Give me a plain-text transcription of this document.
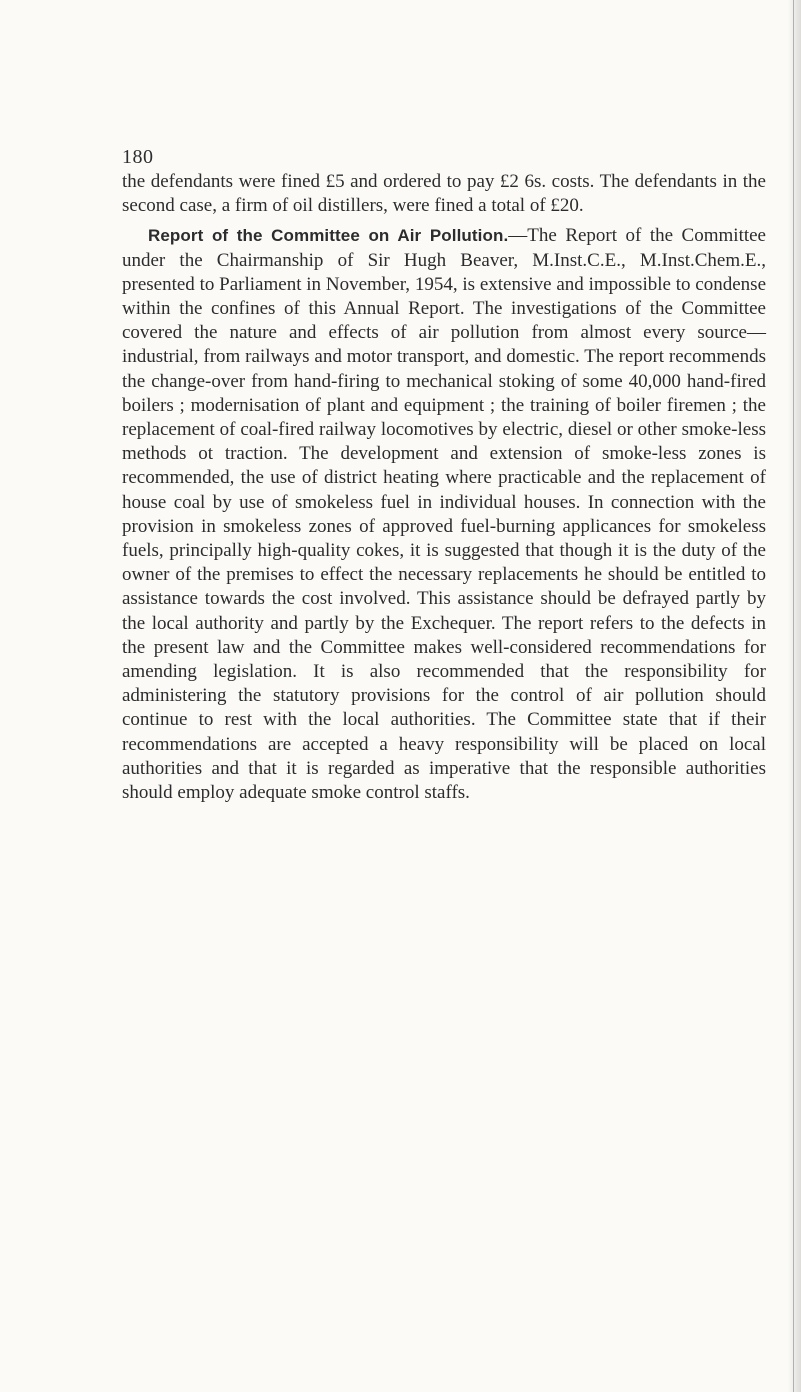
180

the defendants were fined £5 and ordered to pay £2 6s. costs. The defendants in the second case, a firm of oil distillers, were fined a total of £20.

Report of the Committee on Air Pollution.—The Report of the Committee under the Chairmanship of Sir Hugh Beaver, M.Inst.C.E., M.Inst.Chem.E., presented to Parliament in November, 1954, is extensive and impossible to condense within the confines of this Annual Report. The investigations of the Committee covered the nature and effects of air pollution from almost every source— industrial, from railways and motor transport, and domestic. The report recommends the change-over from hand-firing to mechanical stoking of some 40,000 hand-fired boilers ; modernisation of plant and equipment ; the training of boiler firemen ; the replacement of coal-fired railway locomotives by electric, diesel or other smoke-less methods ot traction. The development and extension of smoke-less zones is recommended, the use of district heating where practicable and the replacement of house coal by use of smokeless fuel in individual houses. In connection with the provision in smokeless zones of approved fuel-burning applicances for smokeless fuels, principally high-quality cokes, it is suggested that though it is the duty of the owner of the premises to effect the necessary replacements he should be entitled to assistance towards the cost involved. This assistance should be defrayed partly by the local authority and partly by the Exchequer. The report refers to the defects in the present law and the Committee makes well-considered recommendations for amending legislation. It is also recommended that the responsibility for administering the statutory provisions for the control of air pollution should continue to rest with the local authorities. The Committee state that if their recommendations are accepted a heavy responsibility will be placed on local authorities and that it is regarded as imperative that the responsible authorities should employ adequate smoke control staffs.
